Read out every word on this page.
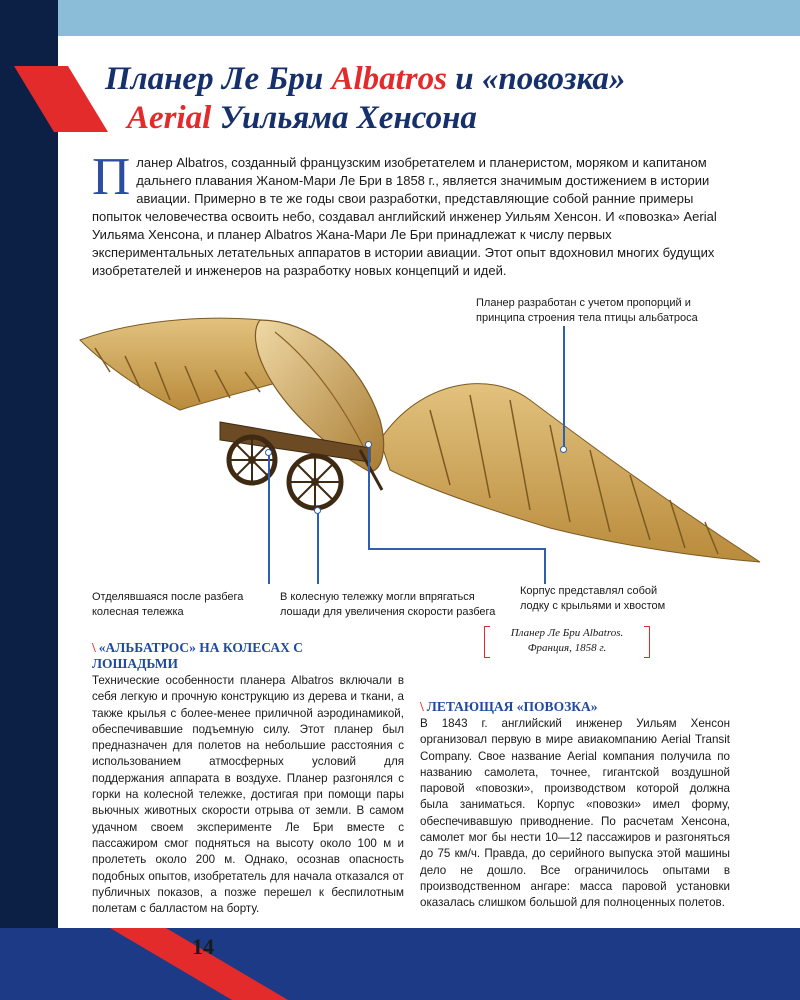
Планер Ле Бри Albatros и «повозка»
Aerial Уильяма Хенсона
П ланер Albatros, созданный французским изобретателем и планеристом, моряком и капитаном дальнего плавания Жаном-Мари Ле Бри в 1858 г., является значимым достижением в истории авиации. Примерно в те же годы свои разработки, представляющие собой ранние примеры попыток человечества освоить небо, создавал английский инженер Уильям Хенсон. И «повозка» Aerial Уильяма Хенсона, и планер Albatros Жана-Мари Ле Бри принадлежат к числу первых экспериментальных летательных аппаратов в истории авиации. Этот опыт вдохновил многих будущих изобретателей и инженеров на разработку новых концепций и идей.
Планер разработан с учетом пропорций и принципа строения тела птицы альбатроса
Отделявшаяся после разбега колесная тележка
В колесную тележку могли впрягаться лошади для увеличения скорости разбега
Корпус представлял собой лодку с крыльями и хвостом
Планер Ле Бри Albatros.
Франция, 1858 г.
\ «АЛЬБАТРОС» НА КОЛЕСАХ С ЛОШАДЬМИ
Технические особенности планера Albatros включали в себя легкую и прочную конструкцию из дерева и ткани, а также крылья с более-менее приличной аэродинамикой, обеспечивавшие подъемную силу. Этот планер был предназначен для полетов на небольшие расстояния с использованием атмосферных условий для поддержания аппарата в воздухе. Планер разгонялся с горки на колесной тележке, достигая при помощи пары вьючных животных скорости отрыва от земли. В самом удачном своем эксперименте Ле Бри вместе с пассажиром смог подняться на высоту около 100 м и пролететь около 200 м. Однако, осознав опасность подобных опытов, изобретатель для начала отказался от публичных показов, а позже перешел к беспилотным полетам с балластом на борту.
\ ЛЕТАЮЩАЯ «ПОВОЗКА»
В 1843 г. английский инженер Уильям Хенсон организовал первую в мире авиакомпанию Aerial Transit Company. Свое название Aerial компания получила по названию самолета, точнее, гигантской воздушной паровой «повозки», производством которой должна была заниматься. Корпус «повозки» имел форму, обеспечивавшую приводнение. По расчетам Хенсона, самолет мог бы нести 10—12 пассажиров и разгоняться до 75 км/ч. Правда, до серийного выпуска этой машины дело не дошло. Все ограничилось опытами в производственном ангаре: масса паровой установки оказалась слишком большой для полноценных полетов.
14
